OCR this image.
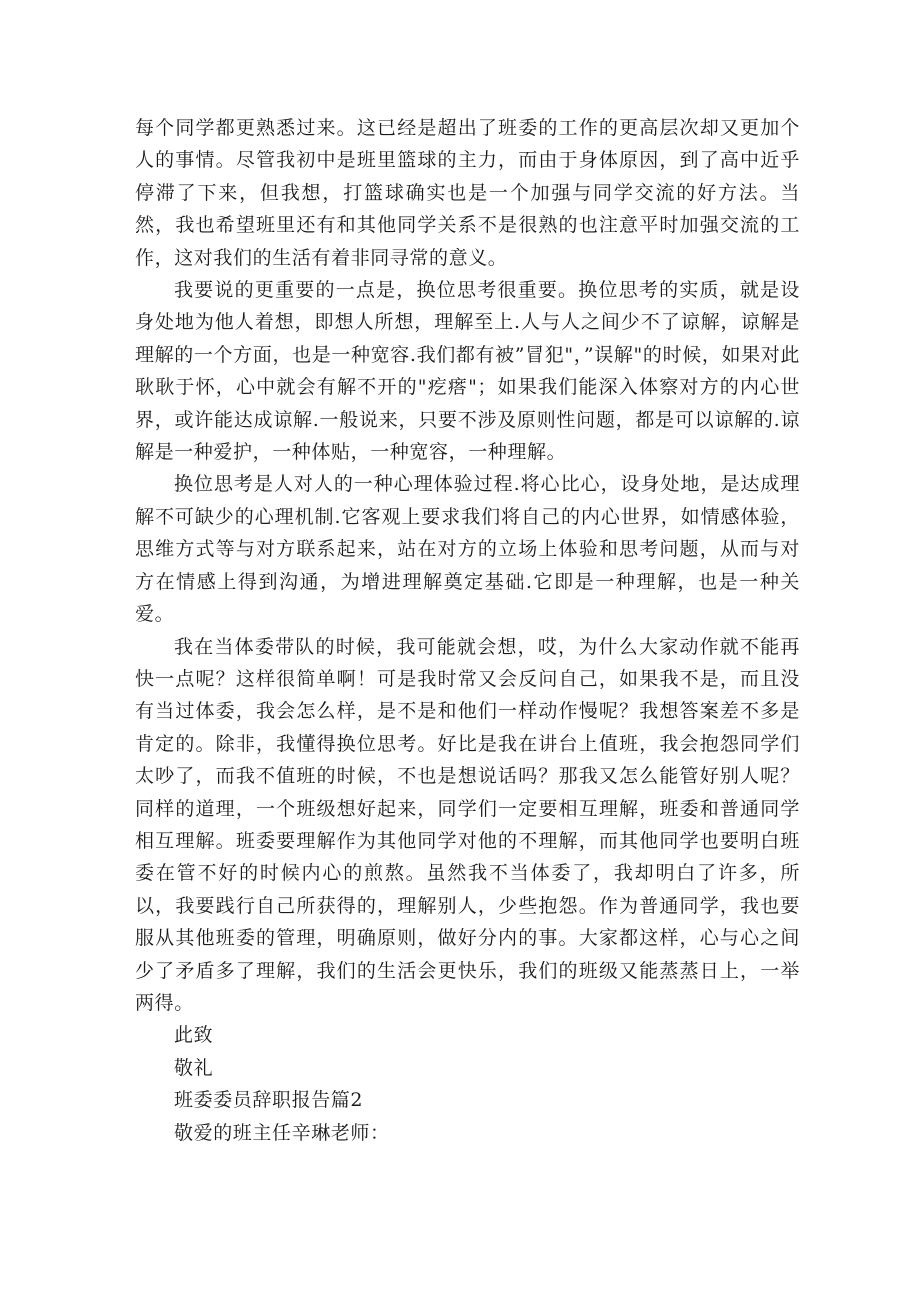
每个同学都更熟悉过来。这已经是超出了班委的工作的更高层次却又更加个人的事情。尽管我初中是班里篮球的主力，而由于身体原因，到了高中近乎停滞了下来，但我想，打篮球确实也是一个加强与同学交流的好方法。当然，我也希望班里还有和其他同学关系不是很熟的也注意平时加强交流的工作，这对我们的生活有着非同寻常的意义。

我要说的更重要的一点是，换位思考很重要。换位思考的实质，就是设身处地为他人着想，即想人所想，理解至上.人与人之间少不了谅解，谅解是理解的一个方面，也是一种宽容.我们都有被”冒犯"，”误解"的时候，如果对此耿耿于怀，心中就会有解不开的"疙瘩"；如果我们能深入体察对方的内心世界，或许能达成谅解.一般说来，只要不涉及原则性问题，都是可以谅解的.谅解是一种爱护，一种体贴，一种宽容，一种理解。

换位思考是人对人的一种心理体验过程.将心比心，设身处地，是达成理解不可缺少的心理机制.它客观上要求我们将自己的内心世界，如情感体验，思维方式等与对方联系起来，站在对方的立场上体验和思考问题，从而与对方在情感上得到沟通，为增进理解奠定基础.它即是一种理解，也是一种关爱。

我在当体委带队的时候，我可能就会想，哎，为什么大家动作就不能再快一点呢？这样很简单啊！可是我时常又会反问自己，如果我不是，而且没有当过体委，我会怎么样，是不是和他们一样动作慢呢？我想答案差不多是肯定的。除非，我懂得换位思考。好比是我在讲台上值班，我会抱怨同学们太吵了，而我不值班的时候，不也是想说话吗？那我又怎么能管好别人呢？同样的道理，一个班级想好起来，同学们一定要相互理解，班委和普通同学相互理解。班委要理解作为其他同学对他的不理解，而其他同学也要明白班委在管不好的时候内心的煎熬。虽然我不当体委了，我却明白了许多，所以，我要践行自己所获得的，理解别人，少些抱怨。作为普通同学，我也要服从其他班委的管理，明确原则，做好分内的事。大家都这样，心与心之间少了矛盾多了理解，我们的生活会更快乐，我们的班级又能蒸蒸日上，一举两得。

此致

敬礼

班委委员辞职报告篇2

敬爱的班主任辛琳老师：
